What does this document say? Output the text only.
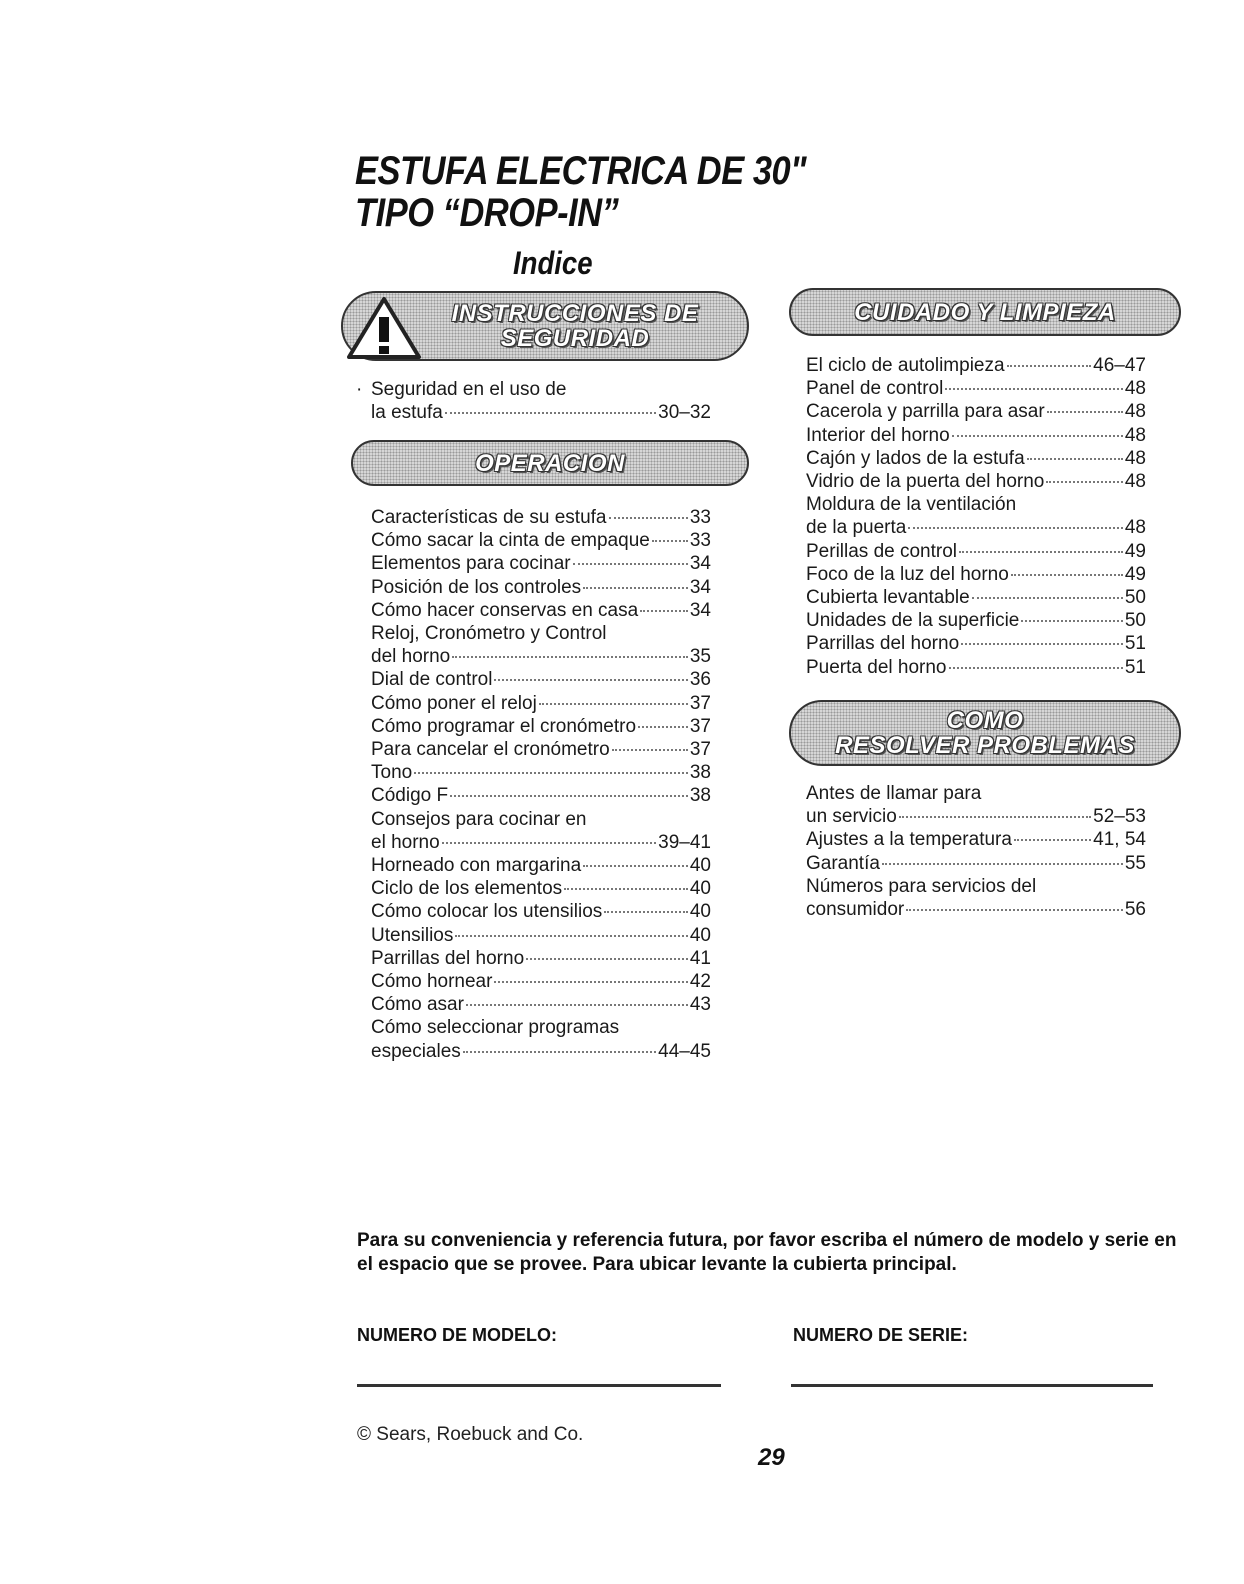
ESTUFA ELECTRICA DE 30"
TIPO “DROP-IN”
Indice
INSTRUCCIONES DE
SEGURIDAD
· Seguridad en el uso de
la estufa	30–32
OPERACION
Características de su estufa	33
Cómo sacar la cinta de empaque 33
Elementos para cocinar	34
Posición de los controles	34
Cómo hacer conservas en casa	34
Reloj, Cronómetro y Control
del horno	35
Dial de control	36
Cómo poner el reloj	37
Cómo programar el cronómetro	37
Para cancelar el cronómetro	37
Tono	38
Código F	38
Consejos para cocinar en
el horno	39–41
Horneado con margarina	40
Ciclo de los elementos	40
Cómo colocar los utensilios	40
Utensilios	40
Parrillas del horno	41
Cómo hornear	42
Cómo asar	43
Cómo seleccionar programas
especiales	44–45
CUIDADO Y LIMPIEZA
El ciclo de autolimpieza	46–47
Panel de control	48
Cacerola y parrilla para asar	48
Interior del horno	48
Cajón y lados de la estufa	48
Vidrio de la puerta del horno	48
Moldura de la ventilación
de la puerta	48
Perillas de control	49
Foco de la luz del horno	49
Cubierta levantable	50
Unidades de la superficie	50
Parrillas del horno	51
Puerta del horno	51
COMO
RESOLVER PROBLEMAS
Antes de llamar para
un servicio	52–53
Ajustes a la temperatura	41, 54
Garantía	55
Números para servicios del
consumidor	56

Para su conveniencia y referencia futura, por favor escriba el número de modelo y serie en el espacio que se provee. Para ubicar levante la cubierta principal.

NUMERO DE MODELO:	NUMERO DE SERIE:
© Sears, Roebuck and Co.
29
